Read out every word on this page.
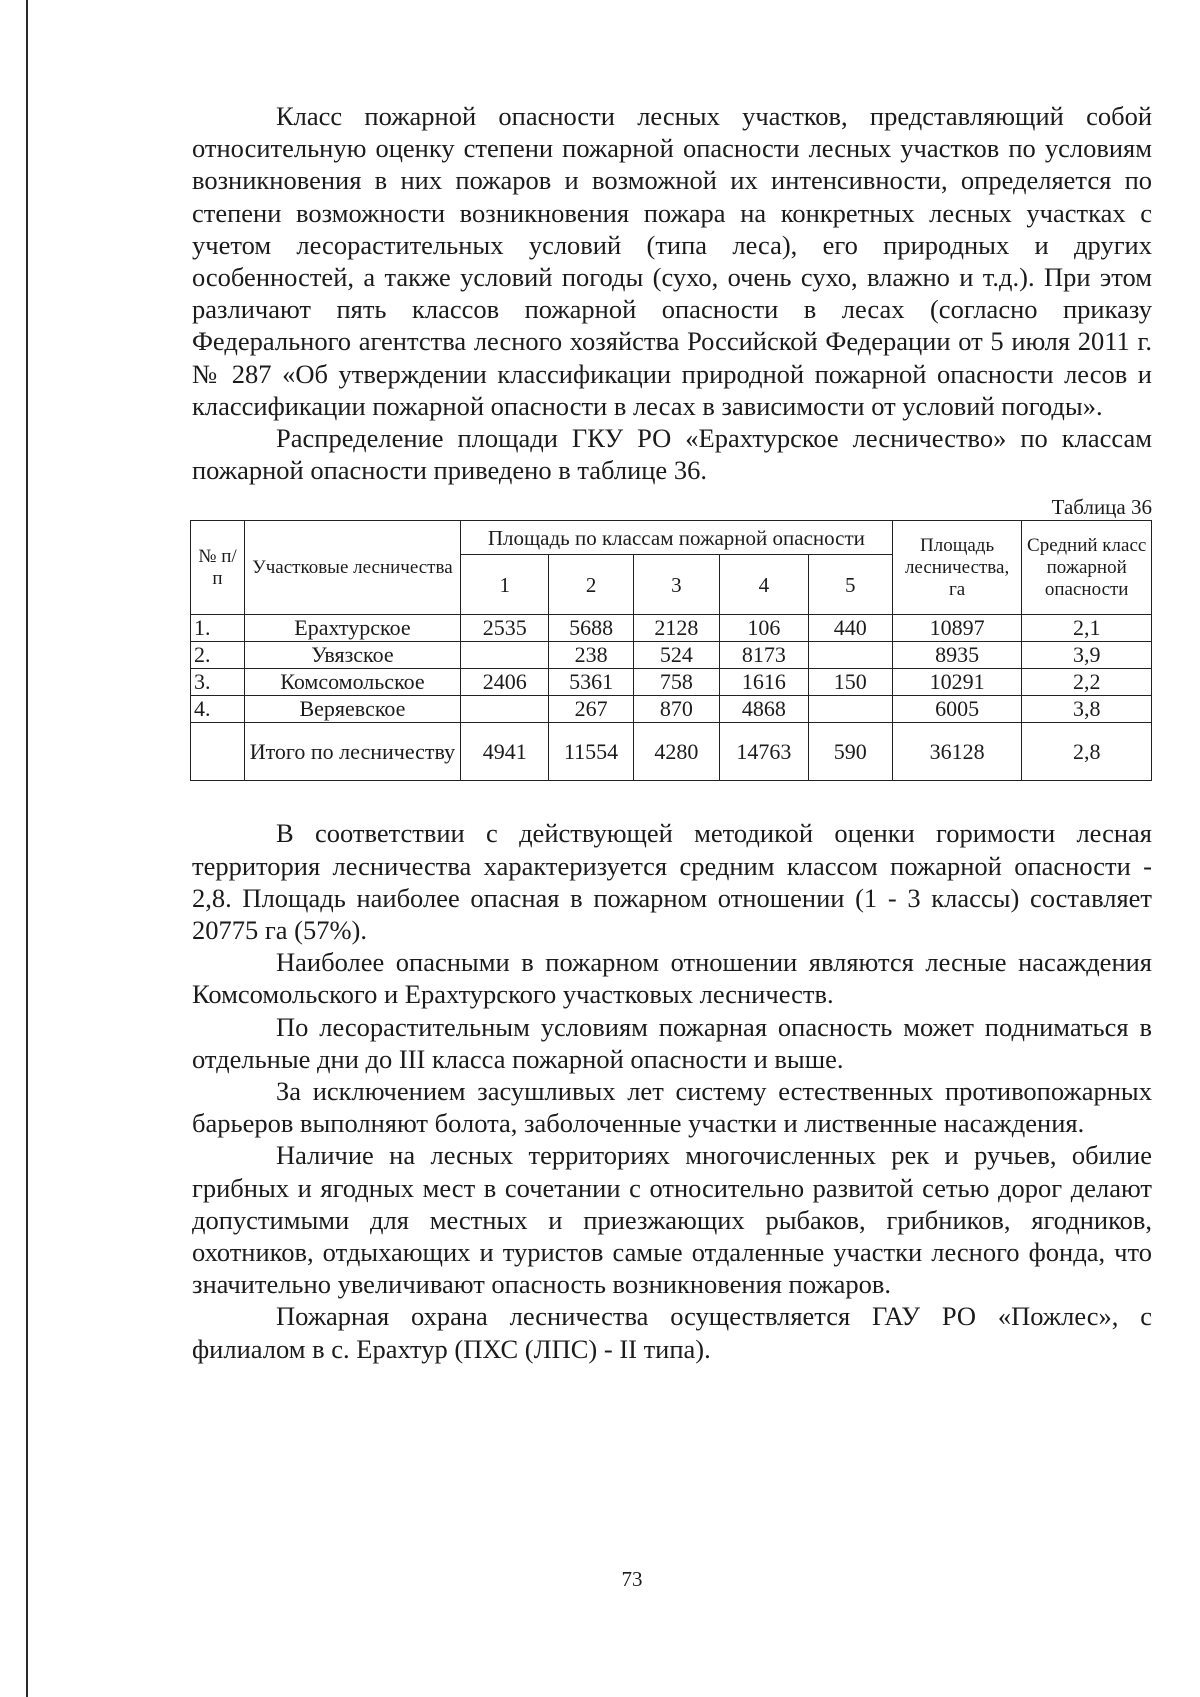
Класс пожарной опасности лесных участков, представляющий собой относительную оценку степени пожарной опасности лесных участков по условиям возникновения в них пожаров и возможной их интенсивности, определяется по степени возможности возникновения пожара на конкретных лесных участках с учетом лесорастительных условий (типа леса), его природных и других особенностей, а также условий погоды (сухо, очень сухо, влажно и т.д.). При этом различают пять классов пожарной опасности в лесах (согласно приказу Федерального агентства лесного хозяйства Российской Федерации от 5 июля 2011 г. № 287 «Об утверждении классификации природной пожарной опасности лесов и классификации пожарной опасности в лесах в зависимости от условий погоды».

Распределение площади ГКУ РО «Ерахтурское лесничество» по классам пожарной опасности приведено в таблице 36.

Таблица 36
№ п/п	Участковые лесничества	Площадь по классам пожарной опасности					Площадь лесничества, га	Средний класс пожарной опасности
		1	2	3	4	5		
1.	Ерахтурское	2535	5688	2128	106	440	10897	2,1
2.	Увязское		238	524	8173		8935	3,9
3.	Комсомольское	2406	5361	758	1616	150	10291	2,2
4.	Веряевское		267	870	4868		6005	3,8
	Итого по лесничеству	4941	11554	4280	14763	590	36128	2,8

В соответствии с действующей методикой оценки горимости лесная территория лесничества характеризуется средним классом пожарной опасности - 2,8. Площадь наиболее опасная в пожарном отношении (1 - 3 классы) составляет 20775 га (57%).

Наиболее опасными в пожарном отношении являются лесные насаждения Комсомольского и Ерахтурского участковых лесничеств.

По лесорастительным условиям пожарная опасность может подниматься в отдельные дни до III класса пожарной опасности и выше.

За исключением засушливых лет систему естественных противопожарных барьеров выполняют болота, заболоченные участки и лиственные насаждения.

Наличие на лесных территориях многочисленных рек и ручьев, обилие грибных и ягодных мест в сочетании с относительно развитой сетью дорог делают допустимыми для местных и приезжающих рыбаков, грибников, ягодников, охотников, отдыхающих и туристов самые отдаленные участки лесного фонда, что значительно увеличивают опасность возникновения пожаров.

Пожарная охрана лесничества осуществляется ГАУ РО «Пожлес», с филиалом в с. Ерахтур (ПХС (ЛПС) - II типа).

73
